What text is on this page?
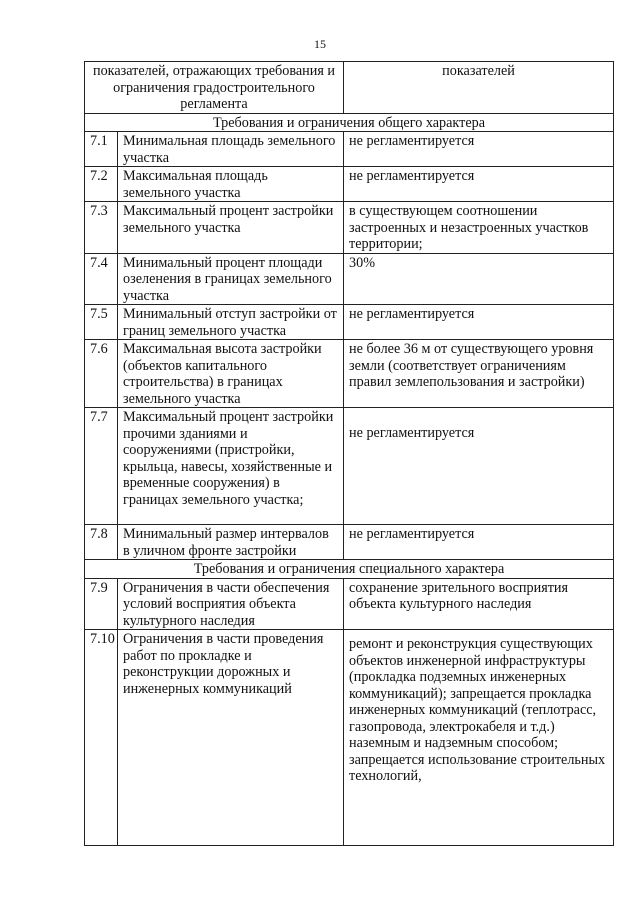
15
показателей, отражающих требования и ограничения градостроительного регламента		показателей
Требования и ограничения общего характера		
7.1	Минимальная площадь земельного участка	не регламентируется
7.2	Максимальная площадь земельного участка	не регламентируется
7.3	Максимальный процент застройки земельного участка	в существующем соотношении застроенных и незастроенных участков территории;
7.4	Минимальный процент площади озеленения в границах земельного участка	30%
7.5	Минимальный отступ застройки от границ земельного участка	не регламентируется
7.6	Максимальная высота застройки (объектов капитального строительства) в границах земельного участка	не более 36 м от существующего уровня земли (соответствует ограничениям правил землепользования и застройки)
7.7	Максимальный процент застройки прочими зданиями и сооружениями (пристройки, крыльца, навесы, хозяйственные и временные сооружения) в границах земельного участка;	не регламентируется
7.8	Минимальный размер интервалов в уличном фронте застройки	не регламентируется
Требования и ограничения специального характера		
7.9	Ограничения в части обеспечения условий восприятия объекта культурного наследия	сохранение зрительного восприятия объекта культурного наследия
7.10	Ограничения в части проведения работ по прокладке и реконструкции дорожных и инженерных коммуникаций	ремонт и реконструкция существующих объектов инженерной инфраструктуры (прокладка подземных инженерных коммуникаций); запрещается прокладка инженерных коммуникаций (теплотрасс, газопровода, электрокабеля и т.д.) наземным и надземным способом; запрещается использование строительных технологий,
